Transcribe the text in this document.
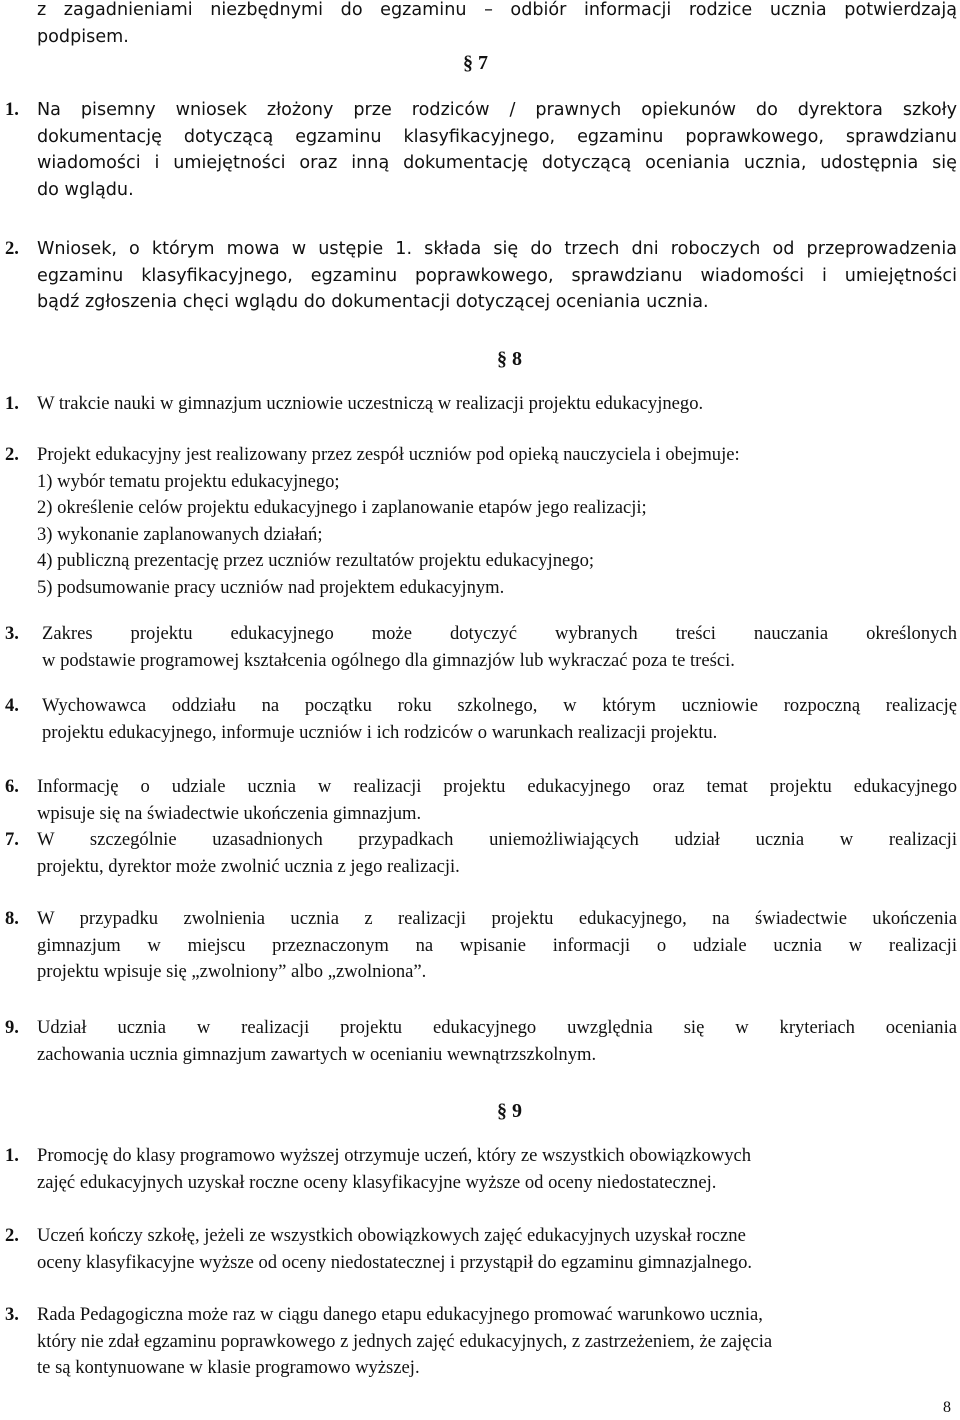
z zagadnieniami niezbędnymi do egzaminu – odbiór informacji rodzice ucznia potwierdzają
podpisem.
§ 7
1. Na pisemny wniosek złożony prze rodziców / prawnych opiekunów do dyrektora szkoły
dokumentację dotyczącą egzaminu klasyfikacyjnego, egzaminu poprawkowego, sprawdzianu
wiadomości i umiejętności oraz inną dokumentację dotyczącą oceniania ucznia, udostępnia się
do wglądu.
2. Wniosek, o którym mowa w ustępie 1. składa się do trzech dni roboczych od przeprowadzenia
egzaminu klasyfikacyjnego, egzaminu poprawkowego, sprawdzianu wiadomości i umiejętności
bądź zgłoszenia chęci wglądu do dokumentacji dotyczącej oceniania ucznia.
§ 8
1. W trakcie nauki w gimnazjum uczniowie uczestniczą w realizacji projektu edukacyjnego.
2. Projekt edukacyjny jest realizowany przez zespół uczniów pod opieką nauczyciela i obejmuje:
1) wybór tematu projektu edukacyjnego;
2) określenie celów projektu edukacyjnego i zaplanowanie etapów jego realizacji;
3) wykonanie zaplanowanych działań;
4) publiczną prezentację przez uczniów rezultatów projektu edukacyjnego;
5) podsumowanie pracy uczniów nad projektem edukacyjnym.
3. Zakres projektu edukacyjnego może dotyczyć wybranych treści nauczania określonych
w podstawie programowej kształcenia ogólnego dla gimnazjów lub wykraczać poza te treści.
4. Wychowawca oddziału na początku roku szkolnego, w którym uczniowie rozpoczną realizację
projektu edukacyjnego, informuje uczniów i ich rodziców o warunkach realizacji projektu.
6. Informację o udziale ucznia w realizacji projektu edukacyjnego oraz temat projektu edukacyjnego
wpisuje się na świadectwie ukończenia gimnazjum.
7. W szczególnie uzasadnionych przypadkach uniemożliwiających udział ucznia w realizacji
projektu, dyrektor może zwolnić ucznia z jego realizacji.
8. W przypadku zwolnienia ucznia z realizacji projektu edukacyjnego, na świadectwie ukończenia
gimnazjum w miejscu przeznaczonym na wpisanie informacji o udziale ucznia w realizacji
projektu wpisuje się „zwolniony” albo „zwolniona”.
9. Udział ucznia w realizacji projektu edukacyjnego uwzględnia się w kryteriach oceniania
zachowania ucznia gimnazjum zawartych w ocenianiu wewnątrzszkolnym.
§ 9
1. Promocję do klasy programowo wyższej otrzymuje uczeń, który ze wszystkich obowiązkowych
zajęć edukacyjnych uzyskał roczne oceny klasyfikacyjne wyższe od oceny niedostatecznej.
2. Uczeń kończy szkołę, jeżeli ze wszystkich obowiązkowych zajęć edukacyjnych uzyskał roczne
oceny klasyfikacyjne wyższe od oceny niedostatecznej i przystąpił do egzaminu gimnazjalnego.
3. Rada Pedagogiczna może raz w ciągu danego etapu edukacyjnego promować warunkowo ucznia,
który nie zdał egzaminu poprawkowego z jednych zajęć edukacyjnych, z zastrzeżeniem, że zajęcia
te są kontynuowane w klasie programowo wyższej.
8
